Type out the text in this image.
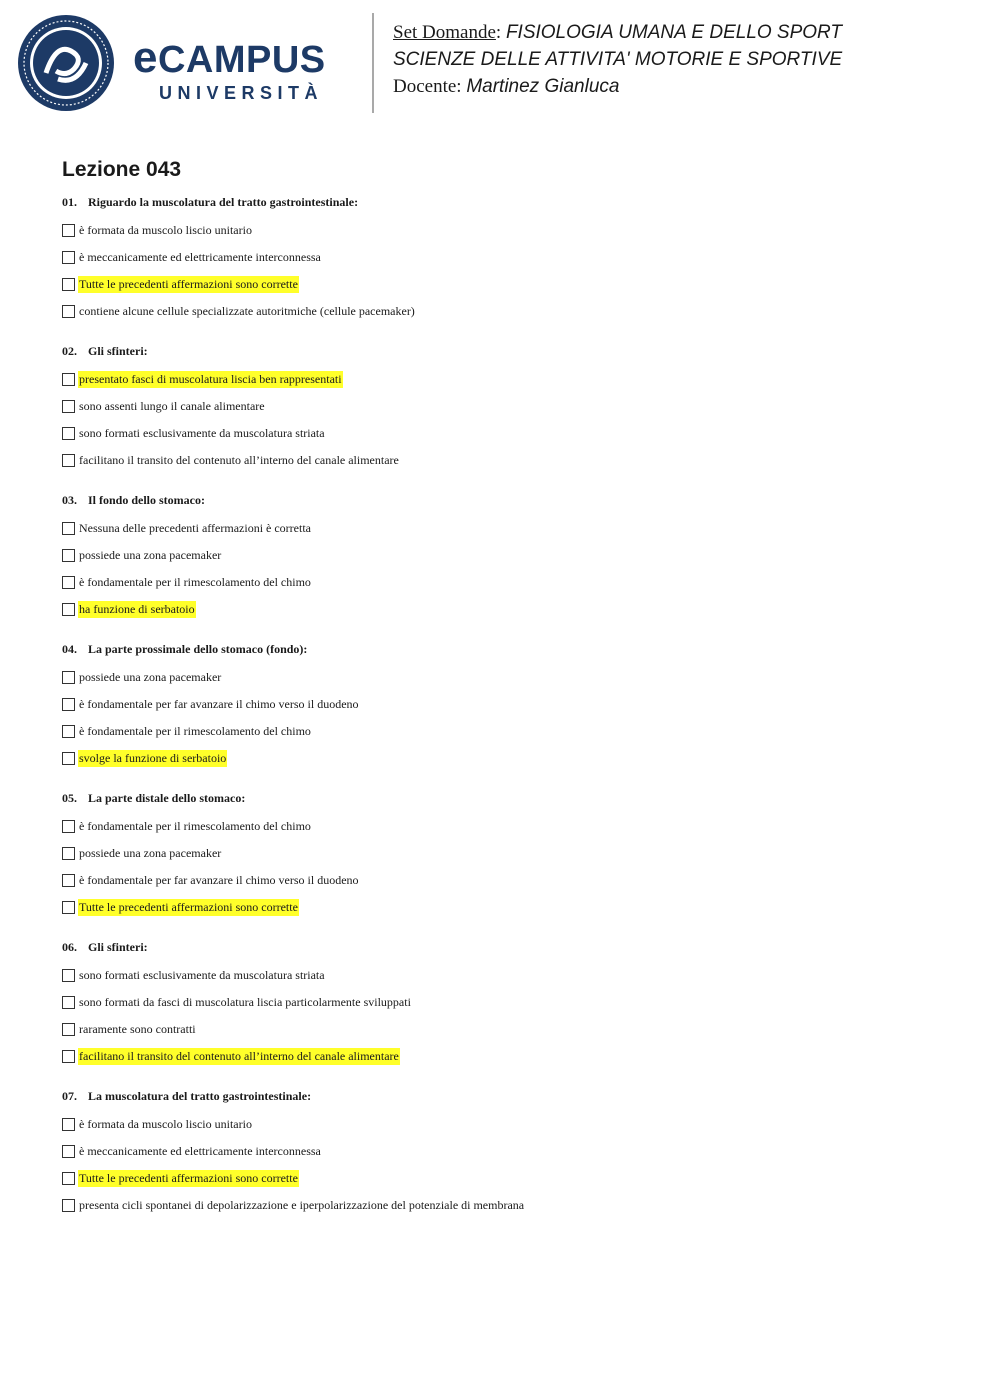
eCAMPUS
UNIVERSITÀ
Set Domande: FISIOLOGIA UMANA E DELLO SPORT
SCIENZE DELLE ATTIVITA' MOTORIE E SPORTIVE
Docente: Martinez Gianluca
Lezione 043
01. Riguardo la muscolatura del tratto gastrointestinale:
è formata da muscolo liscio unitario
è meccanicamente ed elettricamente interconnessa
Tutte le precedenti affermazioni sono corrette
contiene alcune cellule specializzate autoritmiche (cellule pacemaker)
02. Gli sfinteri:
presentato fasci di muscolatura liscia ben rappresentati
sono assenti lungo il canale alimentare
sono formati esclusivamente da muscolatura striata
facilitano il transito del contenuto all’interno del canale alimentare
03. Il fondo dello stomaco:
Nessuna delle precedenti affermazioni è corretta
possiede una zona pacemaker
è fondamentale per il rimescolamento del chimo
ha funzione di serbatoio
04. La parte prossimale dello stomaco (fondo):
possiede una zona pacemaker
è fondamentale per far avanzare il chimo verso il duodeno
è fondamentale per il rimescolamento del chimo
svolge la funzione di serbatoio
05. La parte distale dello stomaco:
è fondamentale per il rimescolamento del chimo
possiede una zona pacemaker
è fondamentale per far avanzare il chimo verso il duodeno
Tutte le precedenti affermazioni sono corrette
06. Gli sfinteri:
sono formati esclusivamente da muscolatura striata
sono formati da fasci di muscolatura liscia particolarmente sviluppati
raramente sono contratti
facilitano il transito del contenuto all’interno del canale alimentare
07. La muscolatura del tratto gastrointestinale:
è formata da muscolo liscio unitario
è meccanicamente ed elettricamente interconnessa
Tutte le precedenti affermazioni sono corrette
presenta cicli spontanei di depolarizzazione e iperpolarizzazione del potenziale di membrana
